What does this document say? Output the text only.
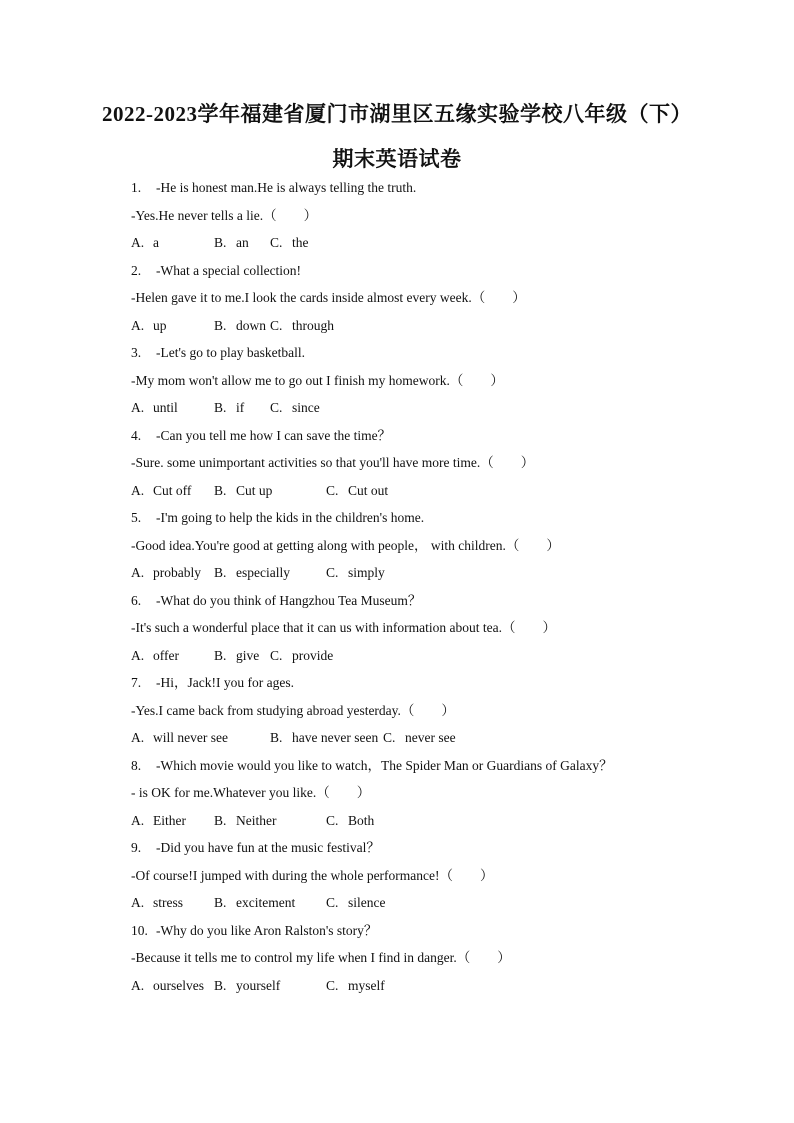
2022-2023学年福建省厦门市湖里区五缘实验学校八年级（下）
期末英语试卷
1. -He is honest man.He is always telling the truth.
-Yes.He never tells a lie.（　　）
A. a	B. an C. the
2. -What a special collection!
-Helen gave it to me.I look the cards inside almost every week.（　　）
A. up	B. down C. through
3. -Let's go to play basketball.
-My mom won't allow me to go out I finish my homework.（　　）
A. until	B. if C. since
4. -Can you tell me how I can save the time？
-Sure. some unimportant activities so that you'll have more time.（　　）
A. Cut off B. Cut up	C. Cut out
5. -I'm going to help the kids in the children's home.
-Good idea.You're good at getting along with people， with children.（　　）
A. probably B. especially	C. simply
6. -What do you think of Hangzhou Tea Museum？
-It's such a wonderful place that it can us with information about tea.（　　）
A. offer	B. give C. provide
7. -Hi，Jack!I you for ages.
-Yes.I came back from studying abroad yesterday.（　　）
A. will never see	B. have never seen C. never see
8. -Which movie would you like to watch，The Spider Man or Guardians of Galaxy？
- is OK for me.Whatever you like.（　　）
A. Either B. Neither	C. Both
9. -Did you have fun at the music festival？
-Of course!I jumped with during the whole performance!（　　）
A. stress B. excitement C. silence
10. -Why do you like Aron Ralston's story？
-Because it tells me to control my life when I find in danger.（　　）
A. ourselves B. yourself	C. myself
